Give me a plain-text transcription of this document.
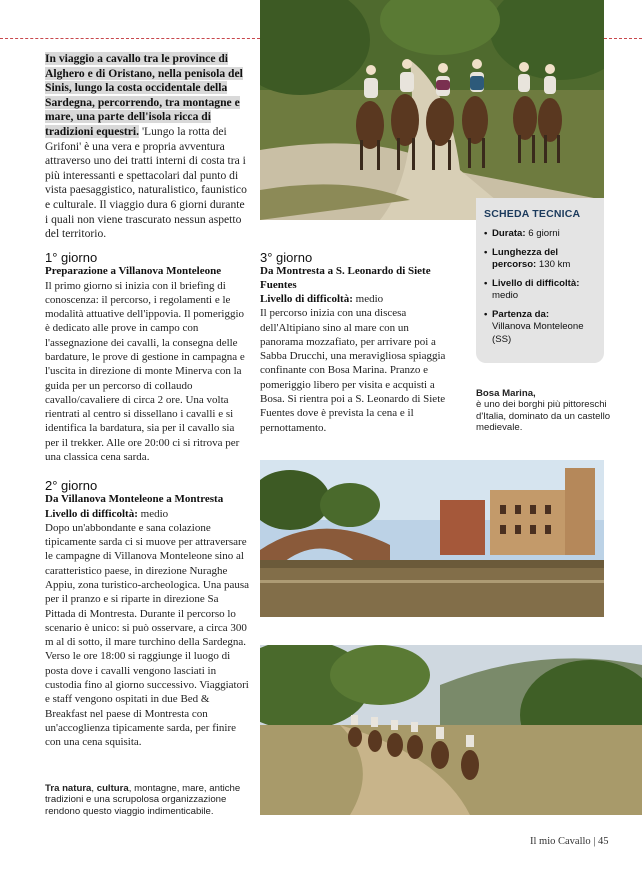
In viaggio a cavallo tra le province di Alghero e di Oristano, nella penisola del Sinis, lungo la costa occidentale della Sardegna, percorrendo, tra montagne e mare, una parte dell'isola ricca di tradizioni equestri. 'Lungo la rotta dei Grifoni' è una vera e propria avventura attraverso uno dei tratti interni di costa tra i più interessanti e spettacolari dal punto di vista paesaggistico, naturalistico, faunistico e culturale. Il viaggio dura 6 giorni durante i quali non viene trascurato nessun aspetto del territorio.
1° giorno
Preparazione a Villanova Monteleone

Il primo giorno si inizia con il briefing di conoscenza: il percorso, i regolamenti e le modalità attuative dell'ippovia. Il pomeriggio è dedicato alle prove in campo con l'assegnazione dei cavalli, la consegna delle bardature, le prove di gestione in campagna e l'uscita in direzione di monte Minerva con la guida per un percorso di collaudo cavallo/cavaliere di circa 2 ore. Una volta rientrati al centro si dissellano i cavalli e si identifica la bardatura, sia per il cavallo sia per il trekker. Alle ore 20:00 ci si ritrova per una classica cena sarda.

2° giorno
Da Villanova Monteleone a Montresta

Livello di difficoltà: medio

Dopo un'abbondante e sana colazione tipicamente sarda ci si muove per attraversare le campagne di Villanova Monteleone sino al caratteristico paese, in direzione Nuraghe Appiu, zona turistico-archeologica. Una pausa per il pranzo e si riparte in direzione Sa Pittada di Montresta. Durante il percorso lo scenario è unico: si può osservare, a circa 300 m al di sotto, il mare turchino della Sardegna. Verso le ore 18:00 si raggiunge il luogo di posta dove i cavalli vengono lasciati in custodia fino al giorno successivo. Viaggiatori e staff vengono ospitati in due Bed & Breakfast nel paese di Montresta con un'accoglienza tipicamente sarda, per finire con una cena squisita.

3° giorno
Da Montresta a S. Leonardo di Siete Fuentes

Livello di difficoltà: medio

Il percorso inizia con una discesa dell'Altipiano sino al mare con un panorama mozzafiato, per arrivare poi a Sabba Drucchi, una meravigliosa spiaggia confinante con Bosa Marina. Pranzo e pomeriggio libero per visita e acquisti a Bosa. Si rientra poi a S. Leonardo di Siete Fuentes dove è prevista la cena e il pernottamento.

SCHEDA TECNICA
• Durata: 6 giorni
• Lunghezza del percorso: 130 km
• Livello di difficoltà:
medio
• Partenza da:
Villanova Monteleone (SS)
Bosa Marina,
è uno dei borghi più pittoreschi d'Italia, dominato da un castello medievale.
Tra natura, cultura, montagne, mare, antiche tradizioni e una scrupolosa organizzazione rendono questo viaggio indimenticabile.
Il mio Cavallo | 45
